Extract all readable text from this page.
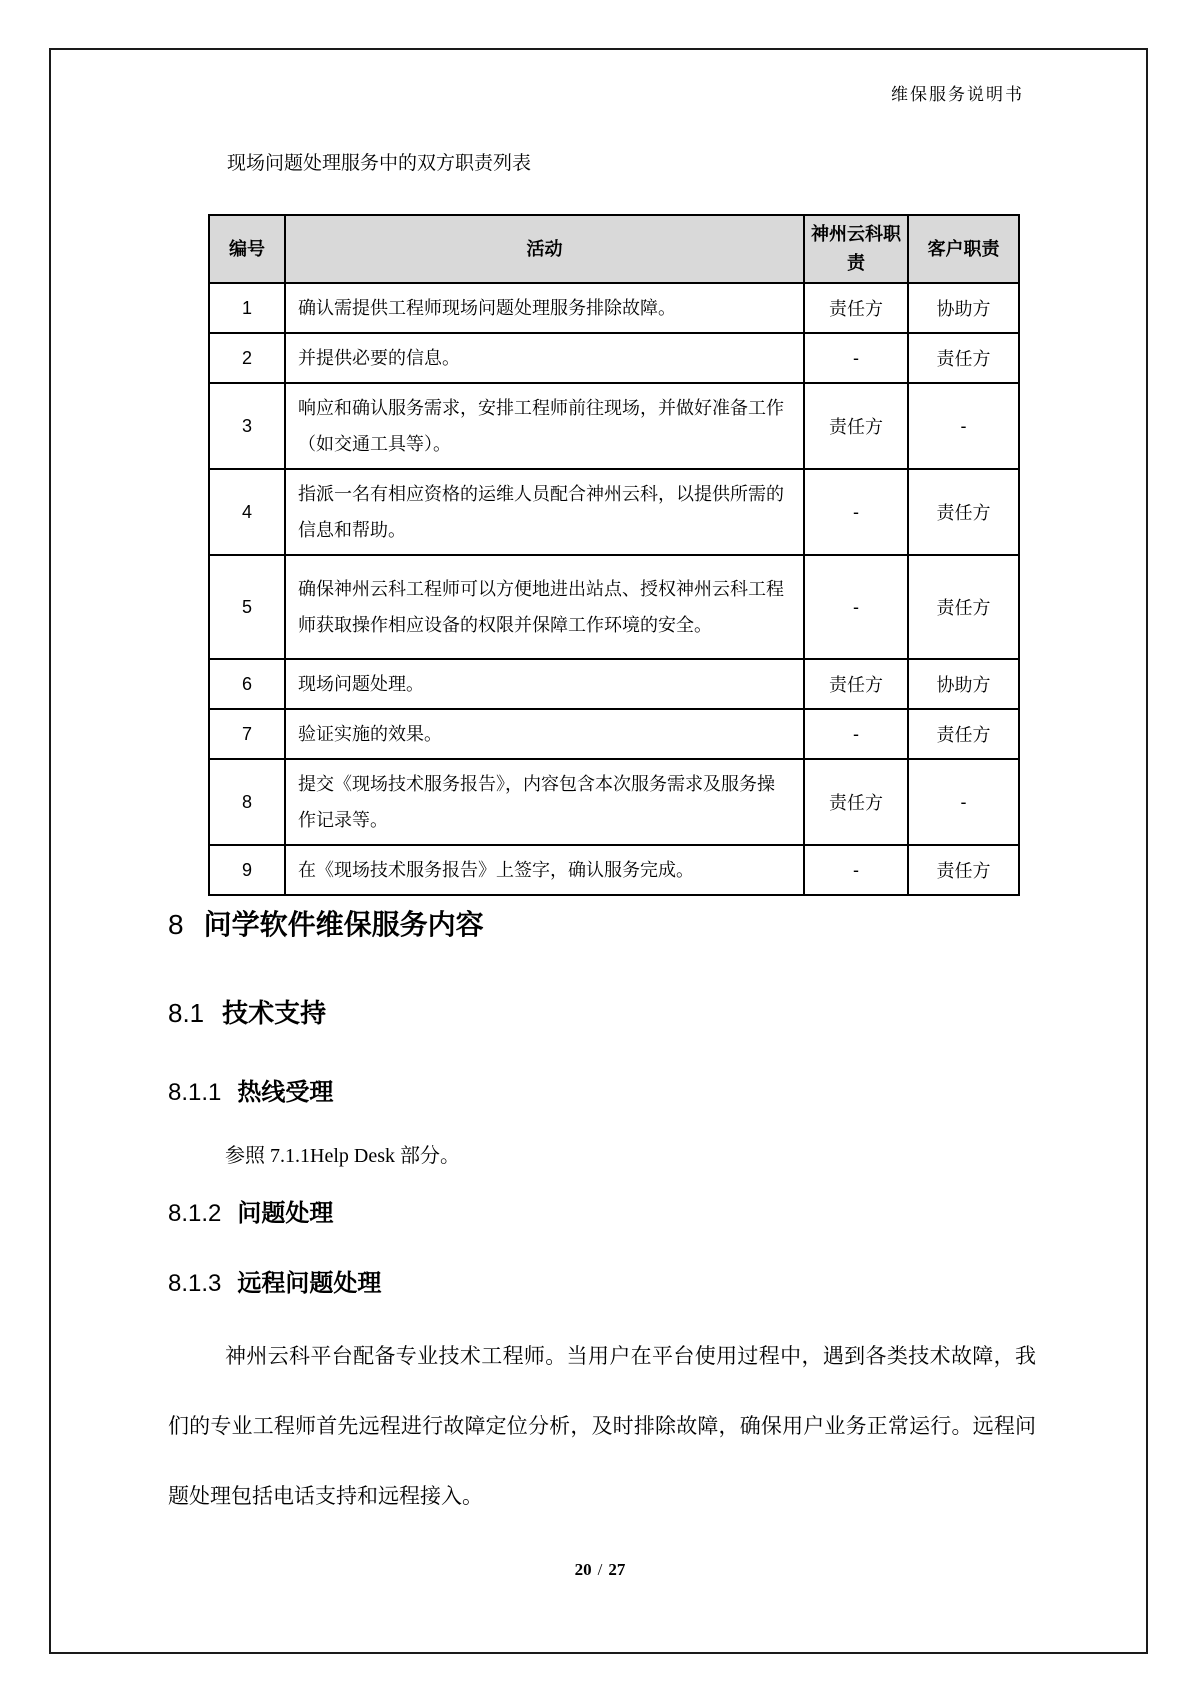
维保服务说明书
现场问题处理服务中的双方职责列表
编号	活动	神州云科职责	客户职责
1	确认需提供工程师现场问题处理服务排除故障。	责任方	协助方
2	并提供必要的信息。	-	责任方
3	响应和确认服务需求，安排工程师前往现场，并做好准备工作（如交通工具等）。	责任方	-
4	指派一名有相应资格的运维人员配合神州云科，以提供所需的信息和帮助。	-	责任方
5	确保神州云科工程师可以方便地进出站点、授权神州云科工程师获取操作相应设备的权限并保障工作环境的安全。	-	责任方
6	现场问题处理。	责任方	协助方
7	验证实施的效果。	-	责任方
8	提交《现场技术服务报告》，内容包含本次服务需求及服务操作记录等。	责任方	-
9	在《现场技术服务报告》上签字，确认服务完成。	-	责任方
8 问学软件维保服务内容
8.1 技术支持
8.1.1 热线受理
参照 7.1.1Help Desk 部分。
8.1.2 问题处理
8.1.3 远程问题处理
神州云科平台配备专业技术工程师。当用户在平台使用过程中，遇到各类技术故障，我们的专业工程师首先远程进行故障定位分析，及时排除故障，确保用户业务正常运行。远程问题处理包括电话支持和远程接入。
20 / 27
